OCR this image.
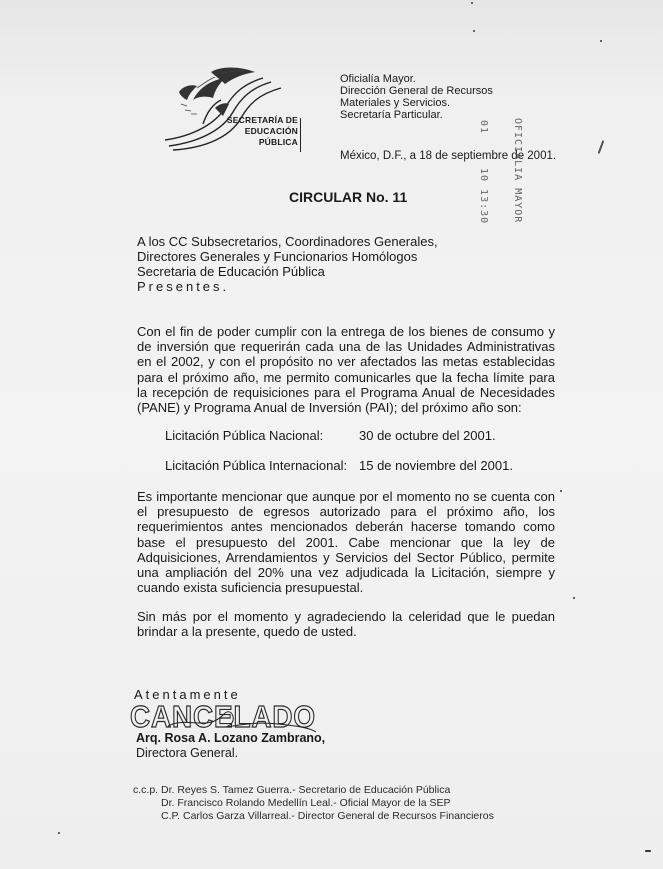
SECRETARÍA DE
EDUCACIÓN
PÚBLICA
Oficialía Mayor.
Dirección General de Recursos
Materiales y Servicios.
Secretaría Particular.
México, D.F., a 18 de septiembre de 2001.
01
10 13:30 OFICIALIA MAYOR
CIRCULAR No. 11
A los CC Subsecretarios, Coordinadores Generales,
Directores Generales y Funcionarios Homólogos
Secretaria de Educación Pública
Presentes.
Con el fin de poder cumplir con la entrega de los bienes de consumo y de inversión que requerirán cada una de las Unidades Administrativas en el 2002, y con el propósito no ver afectados las metas establecidas para el próximo año, me permito comunicarles que la fecha límite para la recepción de requisiciones para el Programa Anual de Necesidades (PANE) y Programa Anual de Inversión (PAI); del próximo año son:
Licitación Pública Nacional:	30 de octubre del 2001.
Licitación Pública Internacional: 15 de noviembre del 2001.
Es importante mencionar que aunque por el momento no se cuenta con el presupuesto de egresos autorizado para el próximo año, los requerimientos antes mencionados deberán hacerse tomando como base el presupuesto del 2001. Cabe mencionar que la ley de Adquisiciones, Arrendamientos y Servicios del Sector Público, permite una ampliación del 20% una vez adjudicada la Licitación, siempre y cuando exista suficiencia presupuestal.
Sin más por el momento y agradeciendo la celeridad que le puedan brindar a la presente, quedo de usted.
Atentamente
CANCELADO
Arq. Rosa A. Lozano Zambrano,
Directora General.
c.c.p. Dr. Reyes S. Tamez Guerra.- Secretario de Educación Pública
Dr. Francisco Rolando Medellín Leal.- Oficial Mayor de la SEP
C.P. Carlos Garza Villarreal.- Director General de Recursos Financieros
